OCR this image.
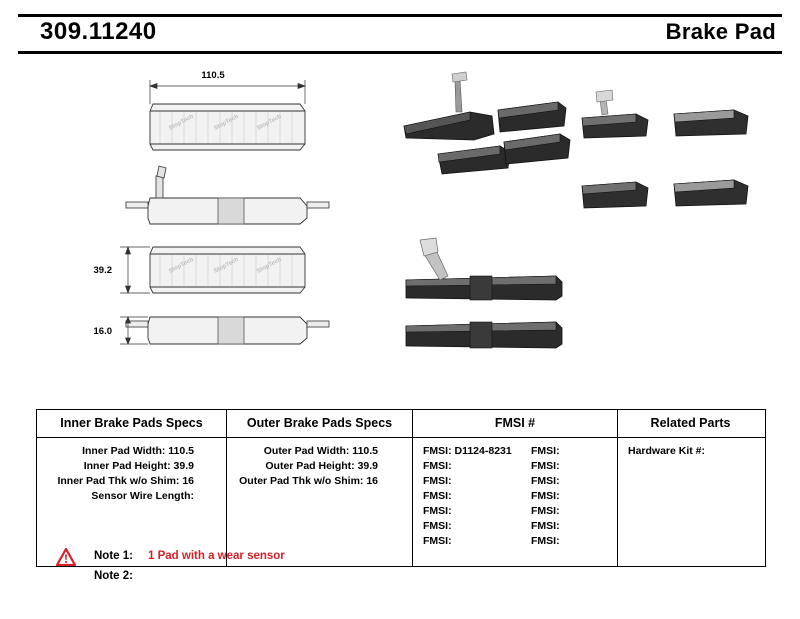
309.11240	Brake Pad
StopTech	StopTech	StopTech
110.5
StopTech	StopTech	StopTech
39.2
16.0
Inner Brake Pads Specs	Outer Brake Pads Specs	FMSI #	Related Parts
Inner Pad Width: 110.5
Inner Pad Height: 39.9
Inner Pad Thk w/o Shim: 16
Sensor Wire Length:
Outer Pad Width: 110.5
Outer Pad Height: 39.9
Outer Pad Thk w/o Shim: 16
FMSI: D1124-8231	FMSI:
FMSI:	FMSI:
FMSI:	FMSI:
FMSI:	FMSI:
FMSI:	FMSI:
FMSI:	FMSI:
FMSI:	FMSI:
Hardware Kit #:
Note 1: 1 Pad with a wear sensor
Note 2:
